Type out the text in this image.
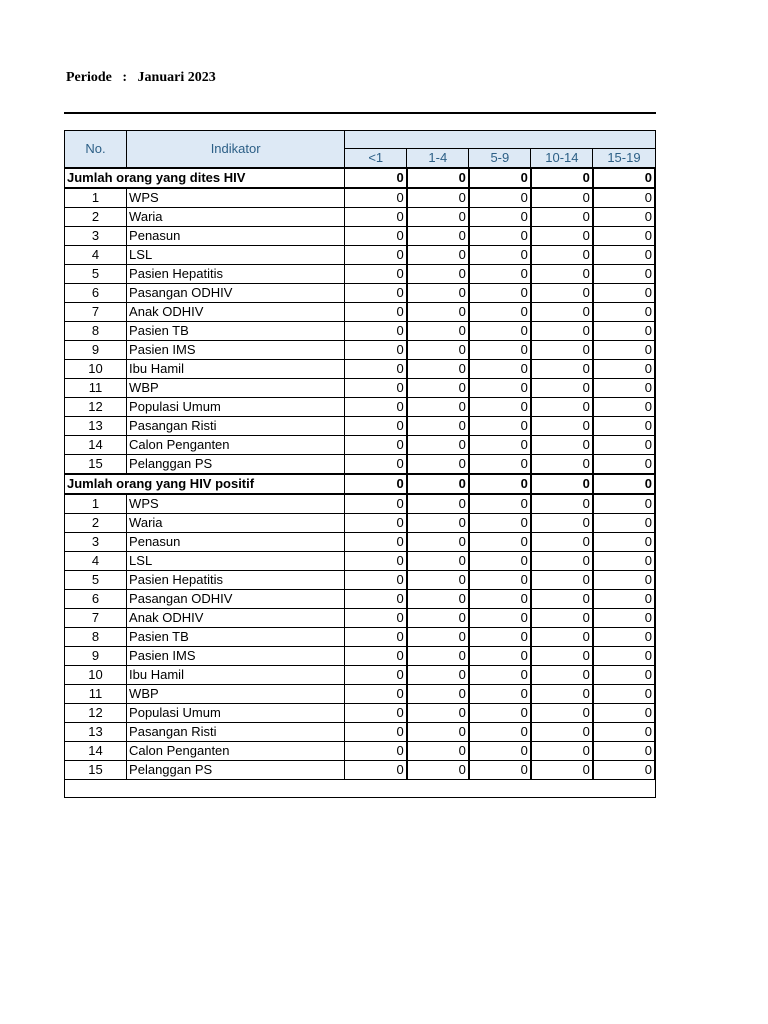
Periode : Januari 2023
No.	Indikator					
		<1	1-4	5-9	10-14	15-19
Jumlah orang yang dites HIV		0	0	0	0	0
1	WPS	0	0	0	0	0
2	Waria	0	0	0	0	0
3	Penasun	0	0	0	0	0
4	LSL	0	0	0	0	0
5	Pasien Hepatitis	0	0	0	0	0
6	Pasangan ODHIV	0	0	0	0	0
7	Anak ODHIV	0	0	0	0	0
8	Pasien TB	0	0	0	0	0
9	Pasien IMS	0	0	0	0	0
10	Ibu Hamil	0	0	0	0	0
11	WBP	0	0	0	0	0
12	Populasi Umum	0	0	0	0	0
13	Pasangan Risti	0	0	0	0	0
14	Calon Penganten	0	0	0	0	0
15	Pelanggan PS	0	0	0	0	0
Jumlah orang yang HIV positif		0	0	0	0	0
1	WPS	0	0	0	0	0
2	Waria	0	0	0	0	0
3	Penasun	0	0	0	0	0
4	LSL	0	0	0	0	0
5	Pasien Hepatitis	0	0	0	0	0
6	Pasangan ODHIV	0	0	0	0	0
7	Anak ODHIV	0	0	0	0	0
8	Pasien TB	0	0	0	0	0
9	Pasien IMS	0	0	0	0	0
10	Ibu Hamil	0	0	0	0	0
11	WBP	0	0	0	0	0
12	Populasi Umum	0	0	0	0	0
13	Pasangan Risti	0	0	0	0	0
14	Calon Penganten	0	0	0	0	0
15	Pelanggan PS	0	0	0	0	0
